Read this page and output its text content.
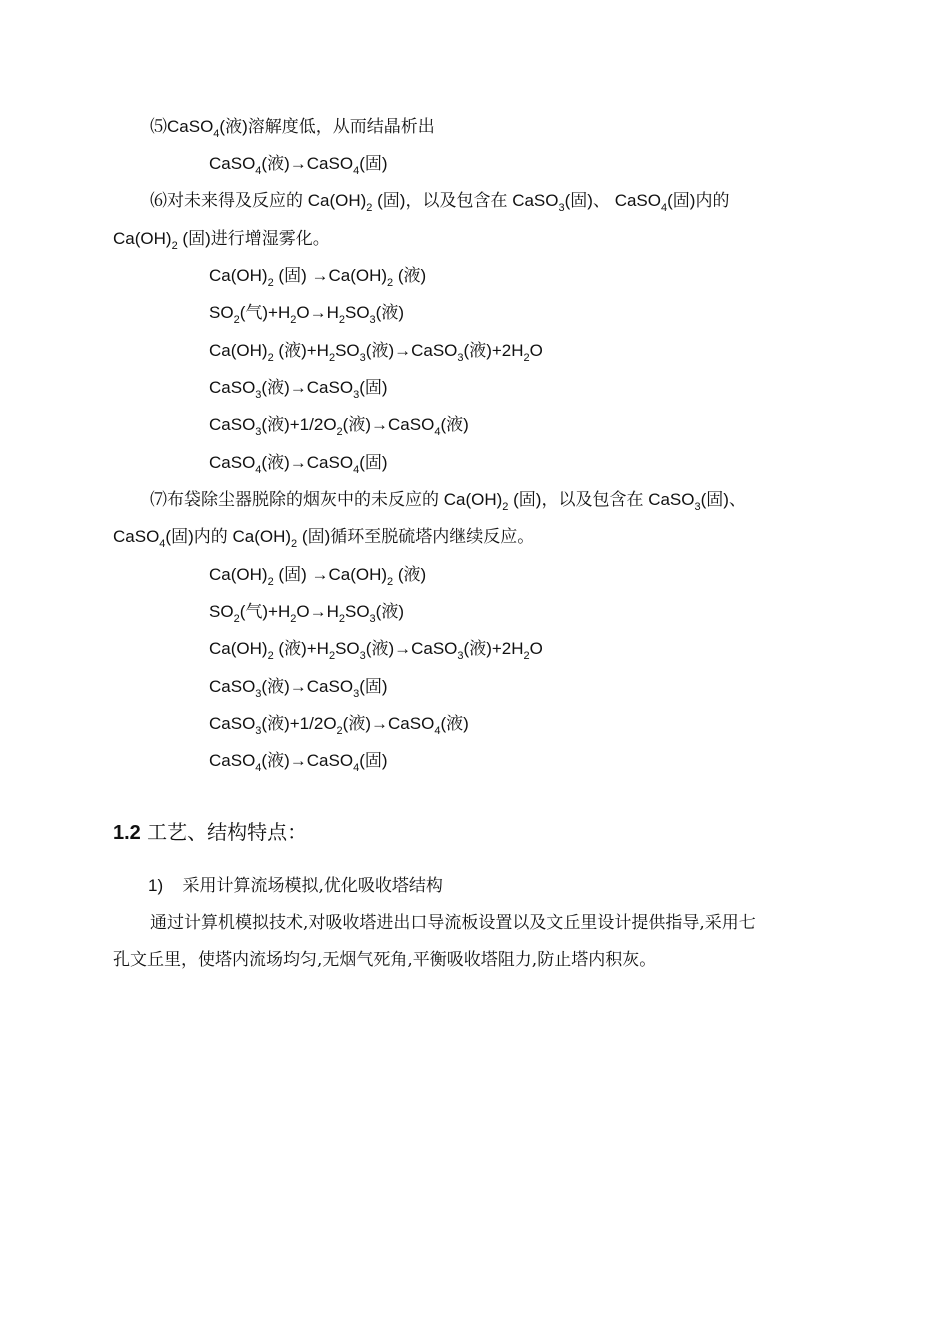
⑸CaSO$_4$(液)溶解度低，从而结晶析出
CaSO$_4$(液)→CaSO$_4$(固)
⑹对未来得及反应的 $Ca(OH)_2$ (固)，以及包含在 CaSO$_3$(固)、 CaSO$_4$(固)内的
$Ca(OH)_2$ (固)进行增湿雾化。
$Ca(OH)_2$ (固) $\to Ca(OH)_2$ (液)
$SO_2$(气)$+H_2O\to H_2SO_3$(液)
$Ca(OH)_2$ (液)$+H_2SO_3$(液)→CaSO$_3$(液)$+2H_2O$
CaSO$_3$(液)→CaSO$_3$(固)
CaSO$_3$(液)$+1/2O_2$(液)→CaSO$_4$(液)
CaSO$_4$(液)→CaSO$_4$(固)
⑺布袋除尘器脱除的烟灰中的未反应的 $Ca(OH)_2$ (固)，以及包含在 CaSO$_3$(固)、
CaSO$_4$(固)内的 $Ca(OH)_2$ (固)循环至脱硫塔内继续反应。
$Ca(OH)_2$ (固) $\to Ca(OH)_2$ (液)
$SO_2$(气)$+H_2O\to H_2SO_3$(液)
$Ca(OH)_2$ (液)$+H_2SO_3$(液)→CaSO$_3$(液)$+2H_2O$
CaSO$_3$(液)→CaSO$_3$(固)
CaSO$_3$(液)$+1/2O_2$(液)→CaSO$_4$(液)
CaSO$_4$(液)→CaSO$_4$(固)
1.2 工艺、结构特点：
1) 采用计算流场模拟,优化吸收塔结构
通过计算机模拟技术,对吸收塔进出口导流板设置以及文丘里设计提供指导,采用七
孔文丘里，使塔内流场均匀,无烟气死角,平衡吸收塔阻力,防止塔内积灰。
